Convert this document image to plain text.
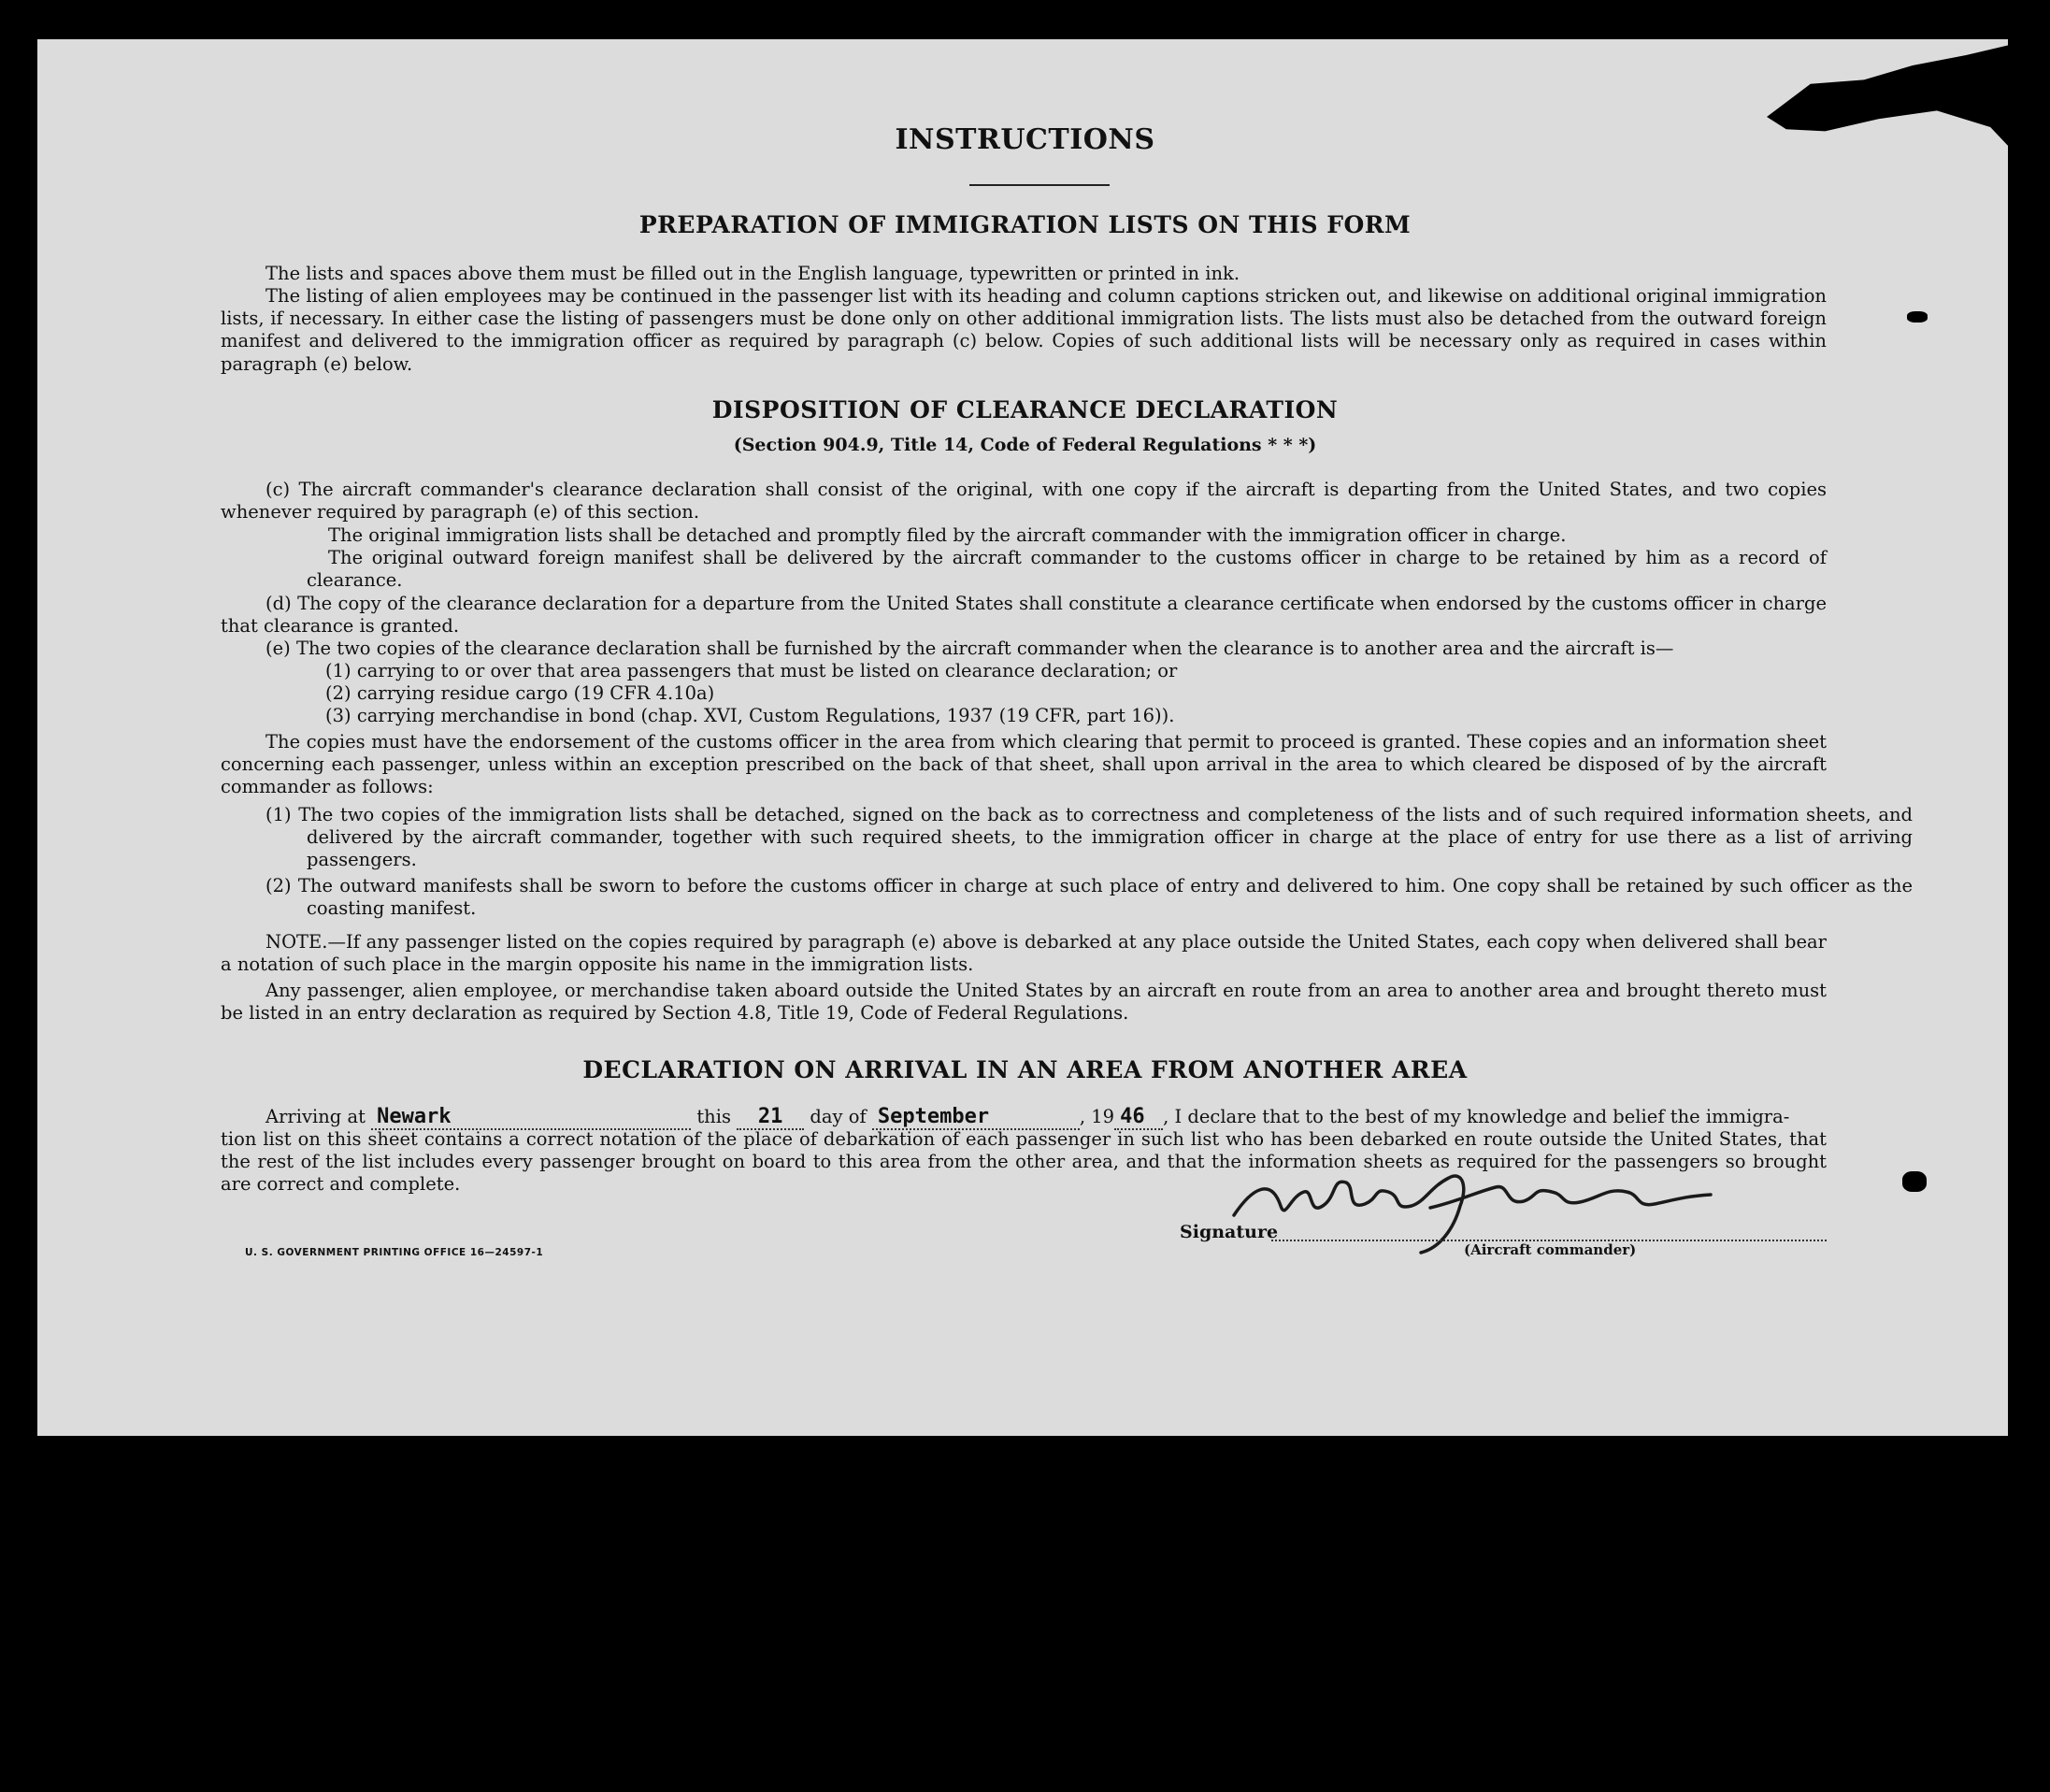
INSTRUCTIONS
PREPARATION OF IMMIGRATION LISTS ON THIS FORM
The lists and spaces above them must be filled out in the English language, typewritten or printed in ink.
The listing of alien employees may be continued in the passenger list with its heading and column captions stricken out, and likewise on additional original immigration lists, if necessary. In either case the listing of passengers must be done only on other additional immigration lists. The lists must also be detached from the outward foreign manifest and delivered to the immigration officer as required by paragraph (c) below. Copies of such additional lists will be necessary only as required in cases within paragraph (e) below.
DISPOSITION OF CLEARANCE DECLARATION
(Section 904.9, Title 14, Code of Federal Regulations * * *)
(c) The aircraft commander's clearance declaration shall consist of the original, with one copy if the aircraft is departing from the United States, and two copies whenever required by paragraph (e) of this section.
The original immigration lists shall be detached and promptly filed by the aircraft commander with the immigration officer in charge.
The original outward foreign manifest shall be delivered by the aircraft commander to the customs officer in charge to be retained by him as a record of clearance.
(d) The copy of the clearance declaration for a departure from the United States shall constitute a clearance certificate when endorsed by the customs officer in charge that clearance is granted.
(e) The two copies of the clearance declaration shall be furnished by the aircraft commander when the clearance is to another area and the aircraft is—
(1) carrying to or over that area passengers that must be listed on clearance declaration; or
(2) carrying residue cargo (19 CFR 4.10a)
(3) carrying merchandise in bond (chap. XVI, Custom Regulations, 1937 (19 CFR, part 16)).
The copies must have the endorsement of the customs officer in the area from which clearing that permit to proceed is granted. These copies and an information sheet concerning each passenger, unless within an exception prescribed on the back of that sheet, shall upon arrival in the area to which cleared be disposed of by the aircraft commander as follows:
(1) The two copies of the immigration lists shall be detached, signed on the back as to correctness and completeness of the lists and of such required information sheets, and delivered by the aircraft commander, together with such required sheets, to the immigration officer in charge at the place of entry for use there as a list of arriving passengers.
(2) The outward manifests shall be sworn to before the customs officer in charge at such place of entry and delivered to him. One copy shall be retained by such officer as the coasting manifest.
NOTE.—If any passenger listed on the copies required by paragraph (e) above is debarked at any place outside the United States, each copy when delivered shall bear a notation of such place in the margin opposite his name in the immigration lists.
Any passenger, alien employee, or merchandise taken aboard outside the United States by an aircraft en route from an area to another area and brought thereto must be listed in an entry declaration as required by Section 4.8, Title 19, Code of Federal Regulations.
DECLARATION ON ARRIVAL IN AN AREA FROM ANOTHER AREA
Arriving at Newark	this 21 day of September	, 19 46 , I declare that to the best of my knowledge and belief the immigra-
tion list on this sheet contains a correct notation of the place of debarkation of each passenger in such list who has been debarked en route outside the United States, that the rest of the list includes every passenger brought on board to this area from the other area, and that the information sheets as required for the passengers so brought are correct and complete.
Signature
(Aircraft commander)
U. S. GOVERNMENT PRINTING OFFICE 16—24597-1
